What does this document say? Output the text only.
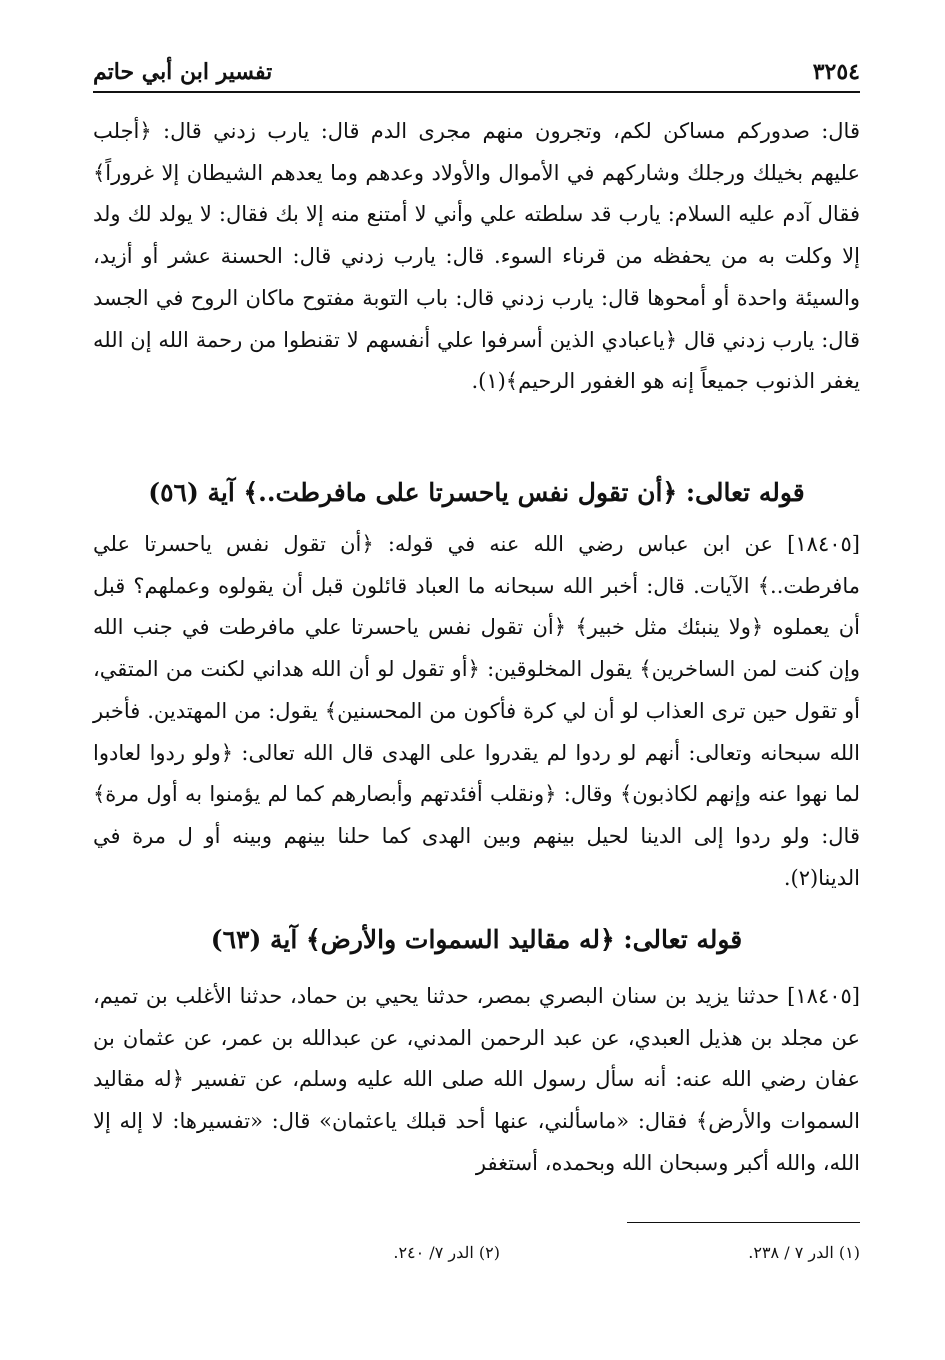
٣٢٥٤
تفسير ابن أبي حاتم

قال: صدوركم مساكن لكم، وتجرون منهم مجرى الدم قال: يارب زدني قال: ﴿أجلب عليهم بخيلك ورجلك وشاركهم في الأموال والأولاد وعدهم وما يعدهم الشيطان إلا غروراً﴾ فقال آدم عليه السلام: يارب قد سلطته علي وأني لا أمتنع منه إلا بك فقال: لا يولد لك ولد إلا وكلت به من يحفظه من قرناء السوء. قال: يارب زدني قال: الحسنة عشر أو أزيد، والسيئة واحدة أو أمحوها قال: يارب زدني قال: باب التوبة مفتوح ماكان الروح في الجسد قال: يارب زدني قال ﴿ياعبادي الذين أسرفوا علي أنفسهم لا تقنطوا من رحمة الله إن الله يغفر الذنوب جميعاً إنه هو الغفور الرحيم﴾(١).

قوله تعالى: ﴿أن تقول نفس ياحسرتا على مافرطت..﴾ آية (٥٦)

[١٨٤٠٥] عن ابن عباس رضي الله عنه في قوله: ﴿أن تقول نفس ياحسرتا علي مافرطت..﴾ الآيات. قال: أخبر الله سبحانه ما العباد قائلون قبل أن يقولوه وعملهم؟ قبل أن يعملوه ﴿ولا ينبئك مثل خبير﴾ ﴿أن تقول نفس ياحسرتا علي مافرطت في جنب الله وإن كنت لمن الساخرين﴾ يقول المخلوقين: ﴿أو تقول لو أن الله هداني لكنت من المتقي، أو تقول حين ترى العذاب لو أن لي كرة فأكون من المحسنين﴾ يقول: من المهتدين. فأخبر الله سبحانه وتعالى: أنهم لو ردوا لم يقدروا على الهدى قال الله تعالى: ﴿ولو ردوا لعادوا لما نهوا عنه وإنهم لكاذبون﴾ وقال: ﴿ونقلب أفئدتهم وأبصارهم كما لم يؤمنوا به أول مرة﴾ قال: ولو ردوا إلى الدينا لحيل بينهم وبين الهدى كما حلنا بينهم وبينه أو ل مرة في الدينا(٢).

قوله تعالى: ﴿له مقاليد السموات والأرض﴾ آية (٦٣)

[١٨٤٠٥] حدثنا يزيد بن سنان البصري بمصر، حدثنا يحيي بن حماد، حدثنا الأغلب بن تميم، عن مجلد بن هذيل العبدي، عن عبد الرحمن المدني، عن عبدالله بن عمر، عن عثمان بن عفان رضي الله عنه: أنه سأل رسول الله صلى الله عليه وسلم، عن تفسير ﴿له مقاليد السموات والأرض﴾ فقال: «ماسألني، عنها أحد قبلك ياعثمان» قال: «تفسيرها: لا إله إلا الله، والله أكبر وسبحان الله وبحمده، أستغفر

(١) الدر ٧ / ٢٣٨.
(٢) الدر ٧/ ٢٤٠.
